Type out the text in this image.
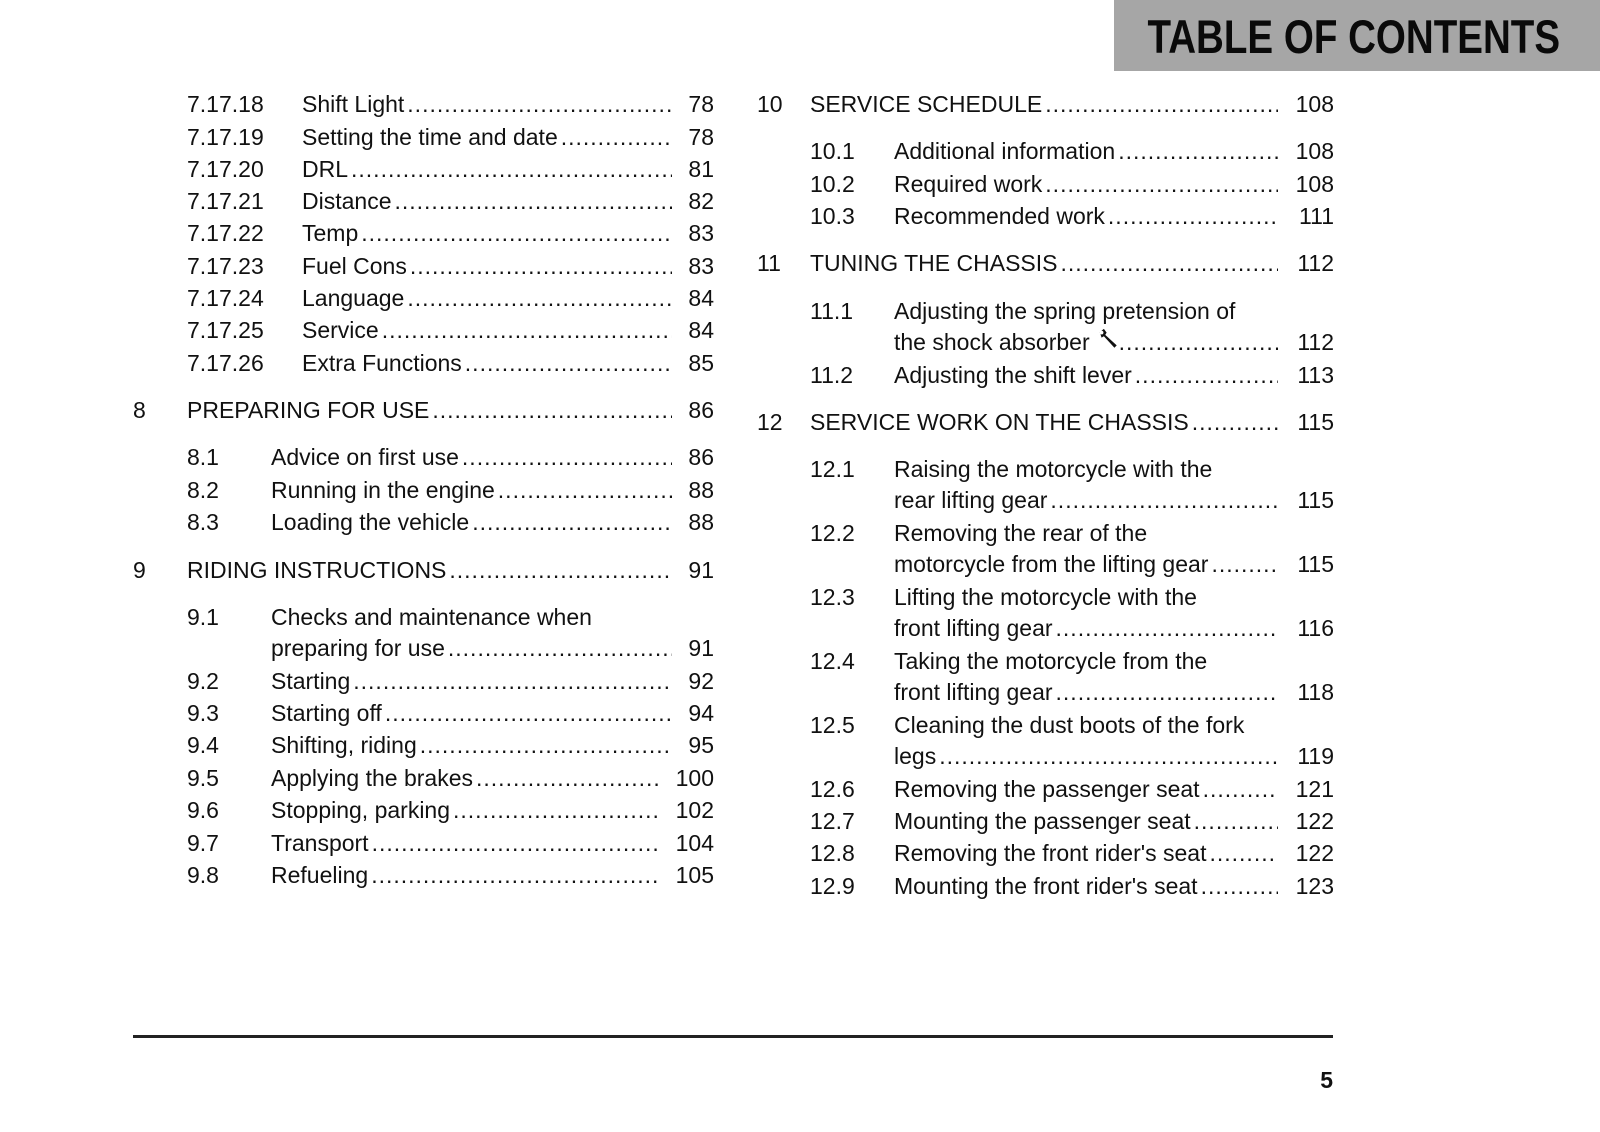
TABLE OF CONTENTS
7.17.18 Shift Light .....	78
7.17.19 Setting the time and date .....	78
7.17.20 DRL .....	81
7.17.21 Distance .....	82
7.17.22 Temp .....	83
7.17.23 Fuel Cons .....	83
7.17.24 Language .....	84
7.17.25 Service .....	84
7.17.26 Extra Functions .....	85
8 PREPARING FOR USE .....	86
8.1 Advice on first use .....	86
8.2 Running in the engine .....	88
8.3 Loading the vehicle .....	88
9 RIDING INSTRUCTIONS .....	91
9.1 Checks and maintenance when
preparing for use .....	91
9.2 Starting .....	92
9.3 Starting off .....	94
9.4 Shifting, riding .....	95
9.5 Applying the brakes .....	100
9.6 Stopping, parking .....	102
9.7 Transport .....	104
9.8 Refueling .....	105
10 SERVICE SCHEDULE .....	108
10.1 Additional information .....	108
10.2 Required work .....	108
10.3 Recommended work .....	111
11 TUNING THE CHASSIS .....	112
11.1 Adjusting the spring pretension of
the shock absorber .....	112
11.2 Adjusting the shift lever .....	113
12 SERVICE WORK ON THE CHASSIS .....	115
12.1 Raising the motorcycle with the
rear lifting gear .....	115
12.2 Removing the rear of the
motorcycle from the lifting gear .....	115
12.3 Lifting the motorcycle with the
front lifting gear .....	116
12.4 Taking the motorcycle from the
front lifting gear .....	118
12.5 Cleaning the dust boots of the fork
legs .....	119
12.6 Removing the passenger seat .....	121
12.7 Mounting the passenger seat .....	122
12.8 Removing the front rider's seat .....	122
12.9 Mounting the front rider's seat .....	123
5
